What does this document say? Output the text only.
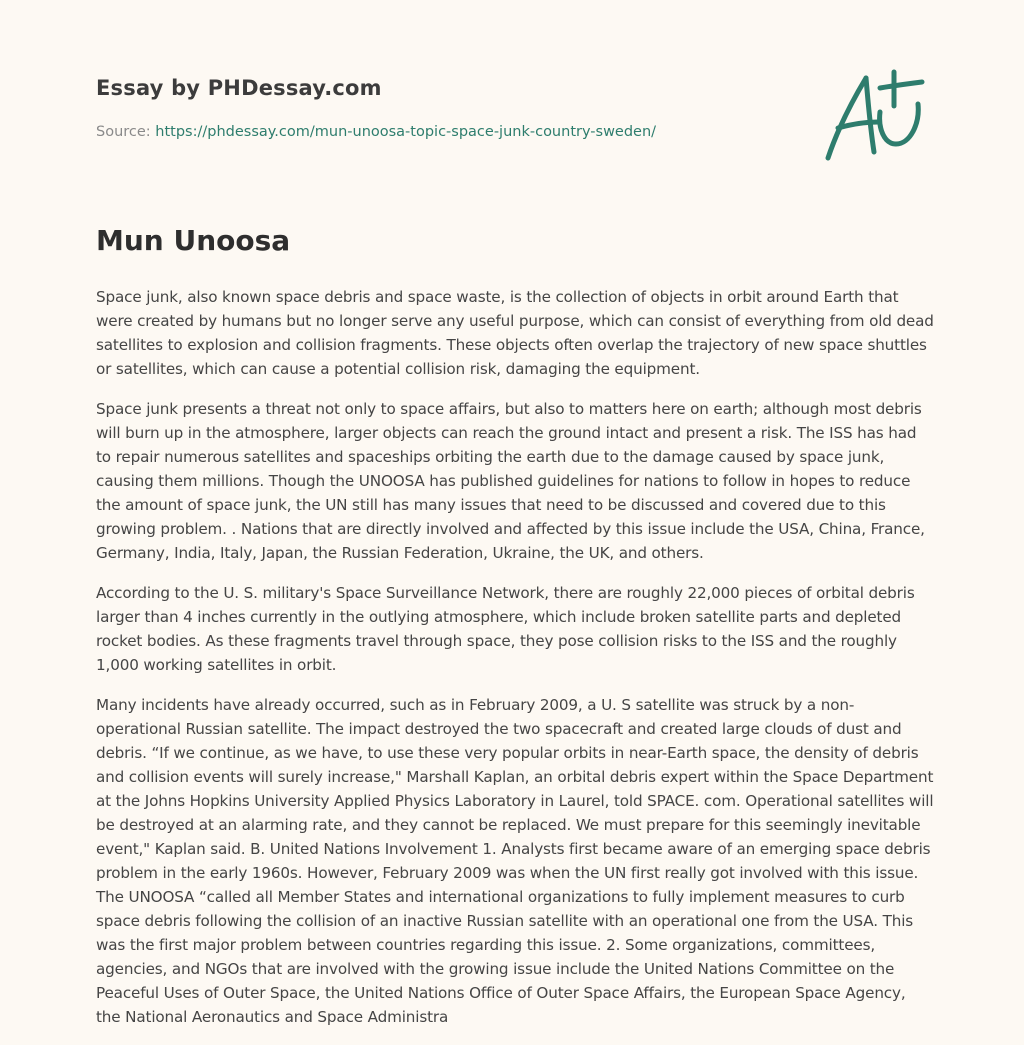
Essay by PHDessay.com
Source: https://phdessay.com/mun-unoosa-topic-space-junk-country-sweden/
Mun Unoosa

Space junk, also known space debris and space waste, is the collection of objects in orbit around Earth that were created by humans but no longer serve any useful purpose, which can consist of everything from old dead satellites to explosion and collision fragments. These objects often overlap the trajectory of new space shuttles or satellites, which can cause a potential collision risk, damaging the equipment.

Space junk presents a threat not only to space affairs, but also to matters here on earth; although most debris will burn up in the atmosphere, larger objects can reach the ground intact and present a risk. The ISS has had to repair numerous satellites and spaceships orbiting the earth due to the damage caused by space junk, causing them millions. Though the UNOOSA has published guidelines for nations to follow in hopes to reduce the amount of space junk, the UN still has many issues that need to be discussed and covered due to this growing problem. . Nations that are directly involved and affected by this issue include the USA, China, France, Germany, India, Italy, Japan, the Russian Federation, Ukraine, the UK, and others.

According to the U. S. military's Space Surveillance Network, there are roughly 22,000 pieces of orbital debris larger than 4 inches currently in the outlying atmosphere, which include broken satellite parts and depleted rocket bodies. As these fragments travel through space, they pose collision risks to the ISS and the roughly 1,000 working satellites in orbit.

Many incidents have already occurred, such as in February 2009, a U. S satellite was struck by a non-operational Russian satellite. The impact destroyed the two spacecraft and created large clouds of dust and debris. “If we continue, as we have, to use these very popular orbits in near-Earth space, the density of debris and collision events will surely increase," Marshall Kaplan, an orbital debris expert within the Space Department at the Johns Hopkins University Applied Physics Laboratory in Laurel, told SPACE. com. Operational satellites will be destroyed at an alarming rate, and they cannot be replaced. We must prepare for this seemingly inevitable event," Kaplan said. B. United Nations Involvement 1. Analysts first became aware of an emerging space debris problem in the early 1960s. However, February 2009 was when the UN first really got involved with this issue. The UNOOSA “called all Member States and international organizations to fully implement measures to curb space debris following the collision of an inactive Russian satellite with an operational one from the USA. This was the first major problem between countries regarding this issue. 2. Some organizations, committees, agencies, and NGOs that are involved with the growing issue include the United Nations Committee on the Peaceful Uses of Outer Space, the United Nations Office of Outer Space Affairs, the European Space Agency, the National Aeronautics and Space Administra
